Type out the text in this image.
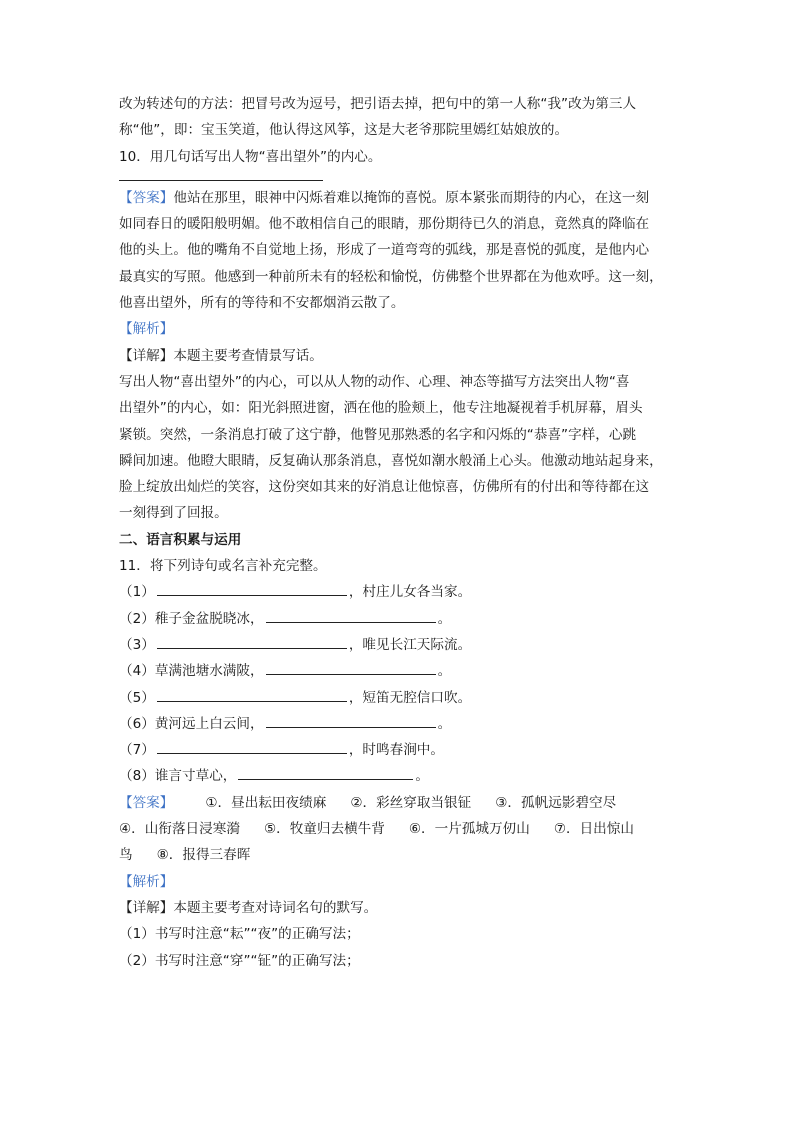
改为转述句的方法：把冒号改为逗号，把引语去掉，把句中的第一人称“我”改为第三人
称“他”，即：宝玉笑道，他认得这风筝，这是大老爷那院里嫣红姑娘放的。
10．用几句话写出人物“喜出望外”的内心。
【答案】他站在那里，眼神中闪烁着难以掩饰的喜悦。原本紧张而期待的内心，在这一刻
如同春日的暖阳般明媚。他不敢相信自己的眼睛，那份期待已久的消息，竟然真的降临在
他的头上。他的嘴角不自觉地上扬，形成了一道弯弯的弧线，那是喜悦的弧度，是他内心
最真实的写照。他感到一种前所未有的轻松和愉悦，仿佛整个世界都在为他欢呼。这一刻，
他喜出望外，所有的等待和不安都烟消云散了。
【解析】
【详解】本题主要考查情景写话。
写出人物“喜出望外”的内心，可以从人物的动作、心理、神态等描写方法突出人物“喜
出望外”的内心，如：阳光斜照进窗，洒在他的脸颊上，他专注地凝视着手机屏幕，眉头
紧锁。突然，一条消息打破了这宁静，他瞥见那熟悉的名字和闪烁的“恭喜”字样，心跳
瞬间加速。他瞪大眼睛，反复确认那条消息，喜悦如潮水般涌上心头。他激动地站起身来，
脸上绽放出灿烂的笑容，这份突如其来的好消息让他惊喜，仿佛所有的付出和等待都在这
一刻得到了回报。
二、语言积累与运用
11．将下列诗句或名言补充完整。
（1）	，村庄儿女各当家。
（2）稚子金盆脱晓冰，	。
（3）	，唯见长江天际流。
（4）草满池塘水满陂，	。
（5）	，短笛无腔信口吹。
（6）黄河远上白云间，	。
（7）	，时鸣春涧中。
（8）谁言寸草心，	。
【答案】 ①．昼出耘田夜绩麻 ②．彩丝穿取当银钲 ③．孤帆远影碧空尽
④．山衔落日浸寒漪 ⑤．牧童归去横牛背 ⑥．一片孤城万仞山 ⑦．日出惊山
鸟 ⑧．报得三春晖
【解析】
【详解】本题主要考查对诗词名句的默写。
（1）书写时注意“耘”“夜”的正确写法；
（2）书写时注意“穿”“钲”的正确写法；
